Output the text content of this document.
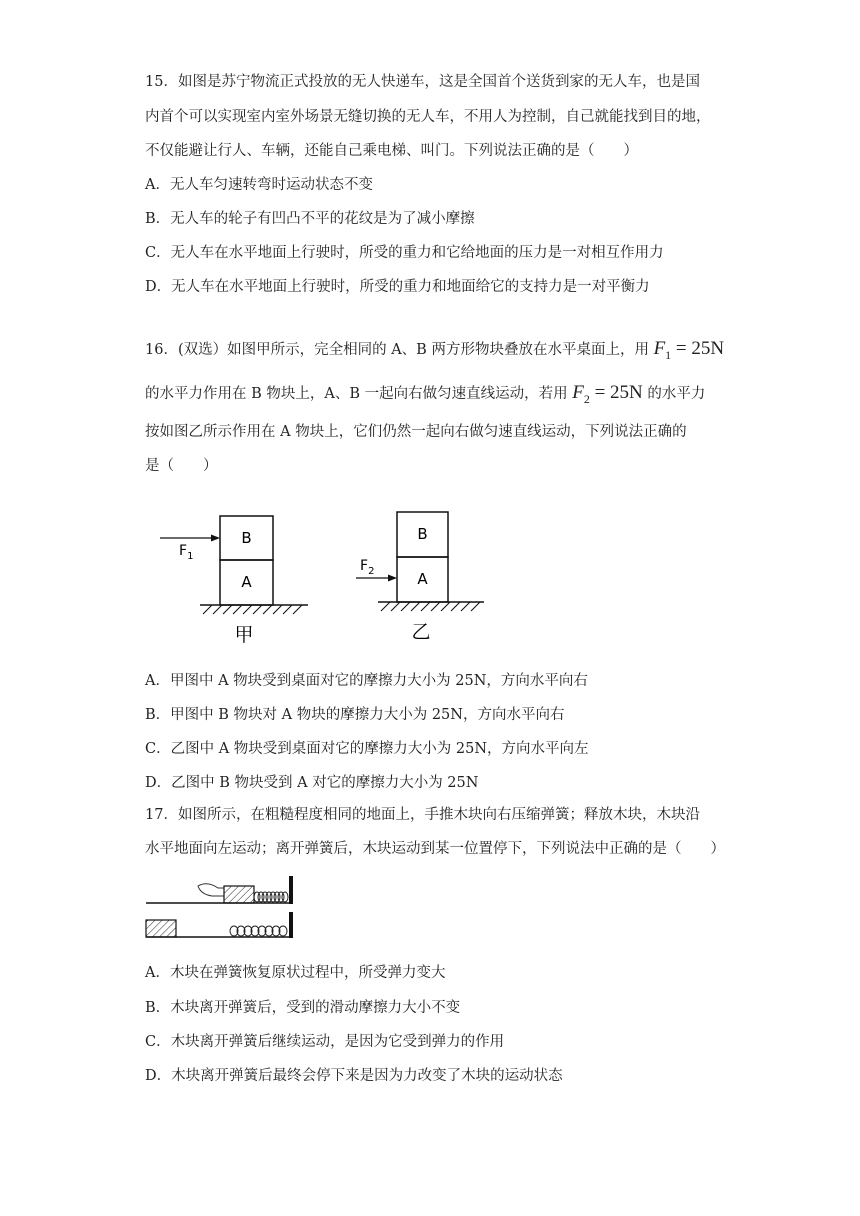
15．如图是苏宁物流正式投放的无人快递车，这是全国首个送货到家的无人车，也是国
内首个可以实现室内室外场景无缝切换的无人车，不用人为控制，自己就能找到目的地，
不仅能避让行人、车辆，还能自己乘电梯、叫门。下列说法正确的是（　　）
A．无人车匀速转弯时运动状态不变
B．无人车的轮子有凹凸不平的花纹是为了减小摩擦
C．无人车在水平地面上行驶时，所受的重力和它给地面的压力是一对相互作用力
D．无人车在水平地面上行驶时，所受的重力和地面给它的支持力是一对平衡力
16．(双选）如图甲所示，完全相同的 A、B 两方形物块叠放在水平桌面上，用 $F_1 = 25N$
的水平力作用在 B 物块上，A、B 一起向右做匀速直线运动，若用 $F_2 = 25N$ 的水平力
按如图乙所示作用在 A 物块上，它们仍然一起向右做匀速直线运动，下列说法正确的
是（　　）
B
A
$F_1$
甲
B
A
$F_2$
乙
A．甲图中 A 物块受到桌面对它的摩擦力大小为 25N，方向水平向右
B．甲图中 B 物块对 A 物块的摩擦力大小为 25N，方向水平向右
C．乙图中 A 物块受到桌面对它的摩擦力大小为 25N，方向水平向左
D．乙图中 B 物块受到 A 对它的摩擦力大小为 25N
17．如图所示，在粗糙程度相同的地面上，手推木块向右压缩弹簧；释放木块，木块沿
水平地面向左运动；离开弹簧后，木块运动到某一位置停下，下列说法中正确的是（　　）
A．木块在弹簧恢复原状过程中，所受弹力变大
B．木块离开弹簧后，受到的滑动摩擦力大小不变
C．木块离开弹簧后继续运动，是因为它受到弹力的作用
D．木块离开弹簧后最终会停下来是因为力改变了木块的运动状态
